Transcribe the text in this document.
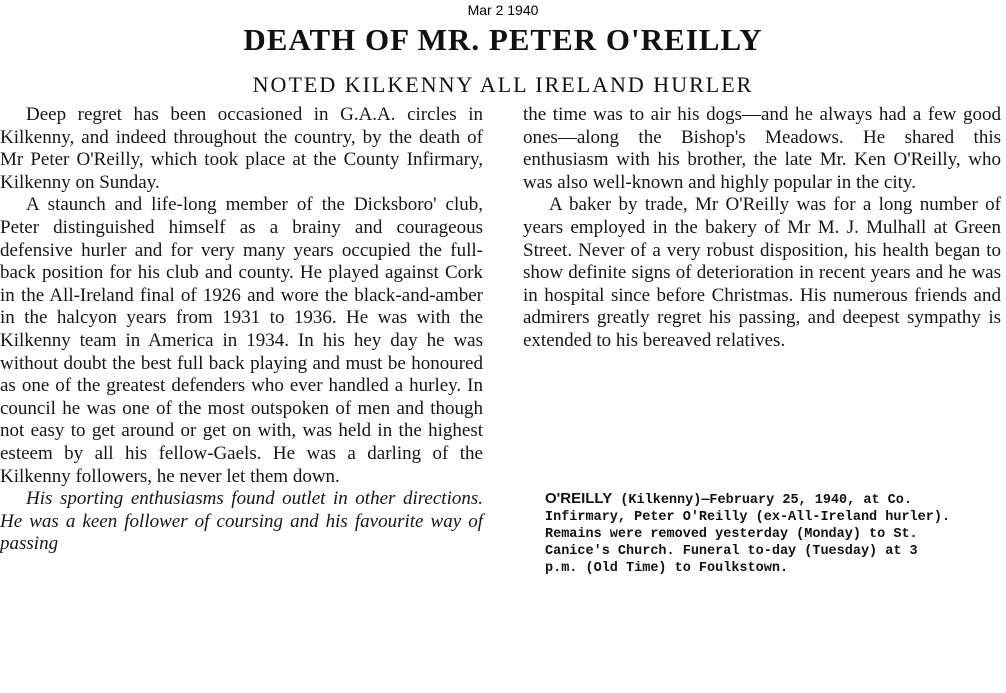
Mar 2 1940
DEATH OF MR. PETER O'REILLY
NOTED KILKENNY ALL IRELAND HURLER

Deep regret has been occasioned in G.A.A. circles in Kilkenny, and indeed throughout the country, by the death of Mr Peter O'Reilly, which took place at the County Infirmary, Kilkenny on Sunday.

A staunch and life-long member of the Dicksboro' club, Peter distinguished himself as a brainy and courageous defensive hurler and for very many years occupied the full-back position for his club and county. He played against Cork in the All-Ireland final of 1926 and wore the black-and-amber in the halcyon years from 1931 to 1936. He was with the Kilkenny team in America in 1934. In his hey day he was without doubt the best full back playing and must be honoured as one of the greatest defenders who ever handled a hurley. In council he was one of the most outspoken of men and though not easy to get around or get on with, was held in the highest esteem by all his fellow-Gaels. He was a darling of the Kilkenny followers, he never let them down.

His sporting enthusiasms found outlet in other directions. He was a keen follower of coursing and his favourite way of passing

the time was to air his dogs—and he always had a few good ones—along the Bishop's Meadows. He shared this enthusiasm with his brother, the late Mr. Ken O'Reilly, who was also well-known and highly popular in the city.

A baker by trade, Mr O'Reilly was for a long number of years employed in the bakery of Mr M. J. Mulhall at Green Street. Never of a very robust disposition, his health began to show definite signs of deterioration in recent years and he was in hospital since before Christmas. His numerous friends and admirers greatly regret his passing, and deepest sympathy is extended to his bereaved relatives.

O'REILLY (Kilkenny)—February 25, 1940, at Co. Infirmary, Peter O'Reilly (ex-All-Ireland hurler). Remains were removed yesterday (Monday) to St. Canice's Church. Funeral to-day (Tuesday) at 3 p.m. (Old Time) to Foulkstown.
